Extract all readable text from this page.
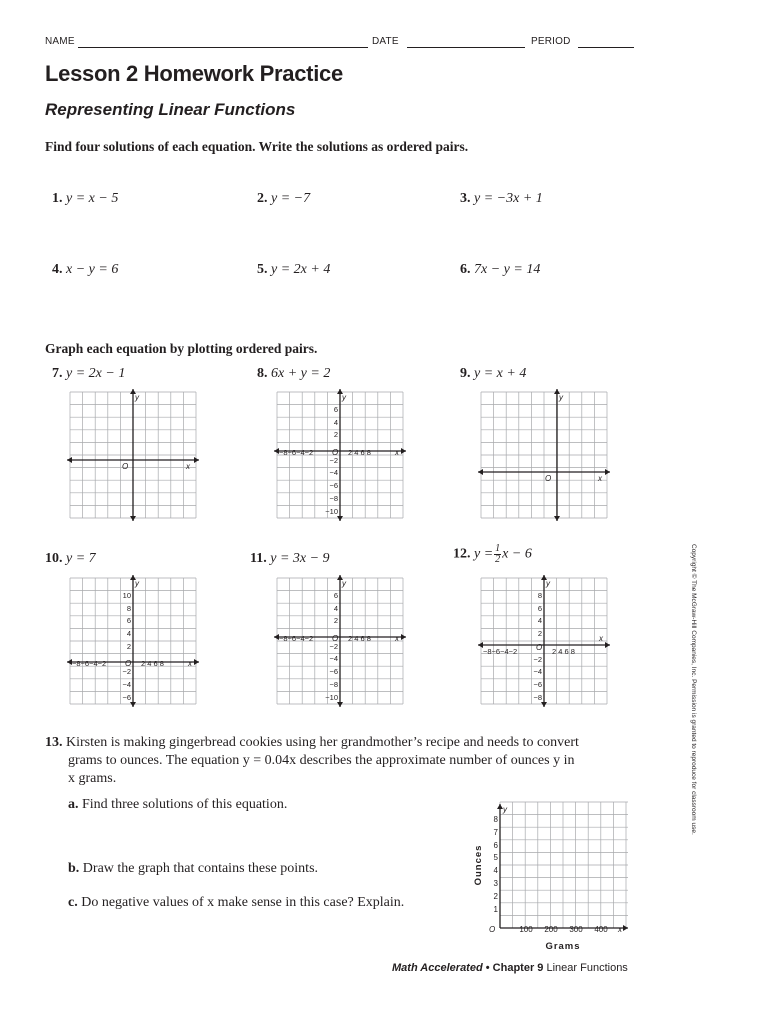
NAME	DATE	PERIOD
Lesson 2 Homework Practice
Representing Linear Functions
Find four solutions of each equation. Write the solutions as ordered pairs.
1. y = x − 5	2. y = −7	3. y = −3x + 1
4. x − y = 6	5. y = 2x + 4	6. 7x − y = 14
Graph each equation by plotting ordered pairs.
7. y = 2x − 1	8. 6x + y = 2	9. y = x + 4
10. y = 7	11. y = 3x − 9	12. $y = \frac{1}{2}$ x − 6
y
O	x
y
−8−6−4−2 O 2 4 6 8	x
6
4
2
−2
−4
−6
−8
−10
y
O	x
y
−8−6−4−2 O 2 4 6 8	x
10
8
6
4
2
−2
−4
−6
y
−8−6−4−2 O 2 4 6 8	x
6
4
2
−2
−4
−6
−8
−10
y
−8−6−4−2 O 2 4 6 8
x
8
6
4
2
−2
−4
−6
−8
13. Kirsten is making gingerbread cookies using her grandmother’s recipe and needs to convert
grams to ounces. The equation y = 0.04x describes the approximate number of ounces y in
x grams.
a. Find three solutions of this equation.
b. Draw the graph that contains these points.
c. Do negative values of x make sense in this case? Explain.
y
O	x
8
7
6
5
4
3
2
1
100 200 300 400
Grams
Ounces
Math Accelerated • Chapter 9 Linear Functions
Copyright © The McGraw-Hill Companies, Inc. Permission is granted to reproduce for classroom use.
